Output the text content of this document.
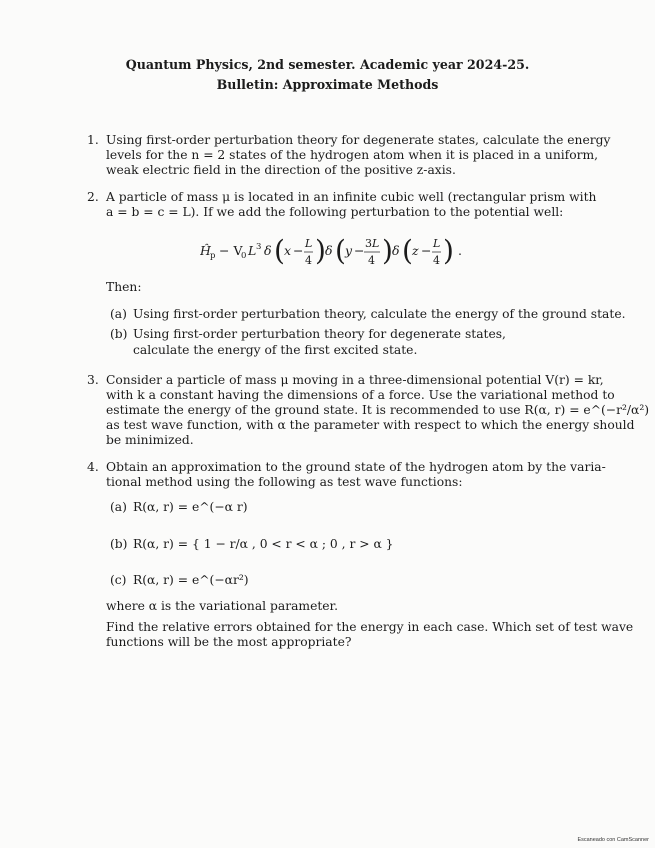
Quantum Physics, 2nd semester. Academic year 2024-25.
Bulletin: Approximate Methods
1. Using first-order perturbation theory for degenerate states, calculate the energy
levels for the n = 2 states of the hydrogen atom when it is placed in a uniform,
weak electric field in the direction of the positive z-axis.
2. A particle of mass μ is located in an infinite cubic well (rectangular prism with
a = b = c = L). If we add the following perturbation to the potential well:
Ĥ p − V
0 L 3 δ ( x − L
4 ) δ ( y − 3L
4 ) δ ( z − L
4 ) .
Then:
(a) Using first-order perturbation theory, calculate the energy of the ground state.
(b) Using first-order perturbation theory for degenerate states, calculate the energy of the first excited state.
3. Consider a particle of mass μ moving in a three-dimensional potential V(r) = kr,
with k a constant having the dimensions of a force. Use the variational method to
estimate the energy of the ground state. It is recommended to use R(α, r) = e^(−r²/α²)
as test wave function, with α the parameter with respect to which the energy should
be minimized.
4. Obtain an approximation to the ground state of the hydrogen atom by the varia-
tional method using the following as test wave functions:
(a) R(α, r) = e^(−α r)
(b) R(α, r) = { 1 − r/α , 0 < r < α ; 0 , r > α }
(c) R(α, r) = e^(−αr²)
where α is the variational parameter.
Find the relative errors obtained for the energy in each case. Which set of test wave
functions will be the most appropriate?
Escaneado con CamScanner
